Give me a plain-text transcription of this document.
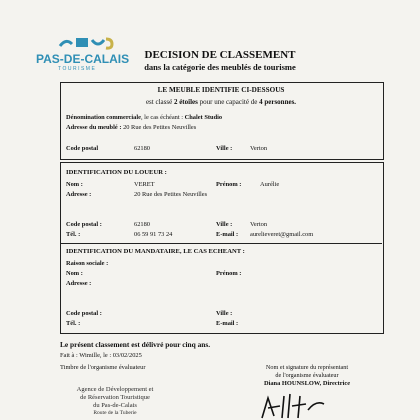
PAS-DE-CALAIS
TOURISME
DECISION DE CLASSEMENT
dans la catégorie des meublés de tourisme
LE MEUBLE IDENTIFIE CI-DESSOUS
est classé 2 étoiles pour une capacité de 4 personnes.
Dénomination commerciale, le cas échéant : Chalet Studio
Adresse du meublé : 20 Rue des Petites Neuvilles
Code postal	62180	Ville :	Verton
IDENTIFICATION DU LOUEUR :
Nom :	VERET	Prénom :	Aurélie
Adresse :	20 Rue des Petites Neuvilles
Code postal :	62180	Ville :	Verton
Tél. :	06 59 91 73 24	E-mail : aurelieveret@gmail.com
IDENTIFICATION DU MANDATAIRE, LE CAS ECHEANT :
Raison sociale :
Nom :	Prénom :
Adresse :
Code postal :	Ville :
Tél. :	E-mail :
Le présent classement est délivré pour cinq ans.
Fait à : Wimille, le : 03/02/2025
Timbre de l'organisme évaluateur	Nom et signature du représentant
de l'organisme évaluateur
Diana HOUNSLOW, Directrice
Agence de Développement et
de Réservation Touristique
du Pas-de-Calais
Route de la Tuberie
